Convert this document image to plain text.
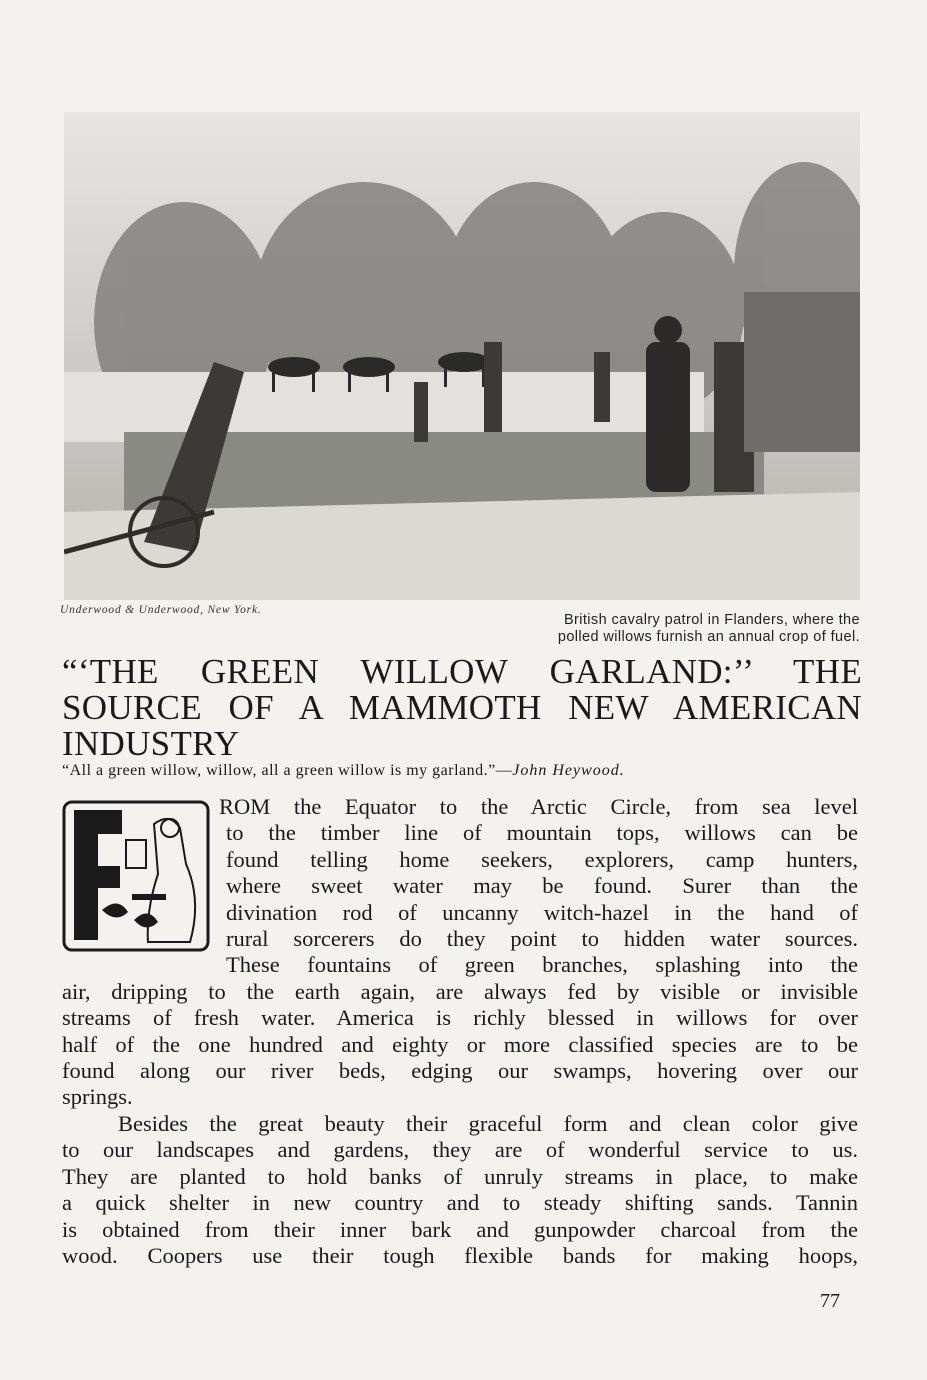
Underwood & Underwood, New York.
British cavalry patrol in Flanders, where the
polled willows furnish an annual crop of fuel.
“‘THE GREEN WILLOW GARLAND:’’ THE
SOURCE OF A MAMMOTH NEW AMERICAN
INDUSTRY
“All a green willow, willow, all a green willow is my garland.”—John Heywood.

ROM the Equator to the Arctic Circle, from sea level
to the timber line of mountain tops, willows can be
found telling home seekers, explorers, camp hunters,
where sweet water may be found. Surer than the
divination rod of uncanny witch-hazel in the hand of
rural sorcerers do they point to hidden water sources.
These fountains of green branches, splashing into the
air, dripping to the earth again, are always fed by visible or invisible
streams of fresh water. America is richly blessed in willows for over
half of the one hundred and eighty or more classified species are to be
found along our river beds, edging our swamps, hovering over our
springs.

Besides the great beauty their graceful form and clean color give
to our landscapes and gardens, they are of wonderful service to us.
They are planted to hold banks of unruly streams in place, to make
a quick shelter in new country and to steady shifting sands. Tannin
is obtained from their inner bark and gunpowder charcoal from the
wood. Coopers use their tough flexible bands for making hoops,

77
